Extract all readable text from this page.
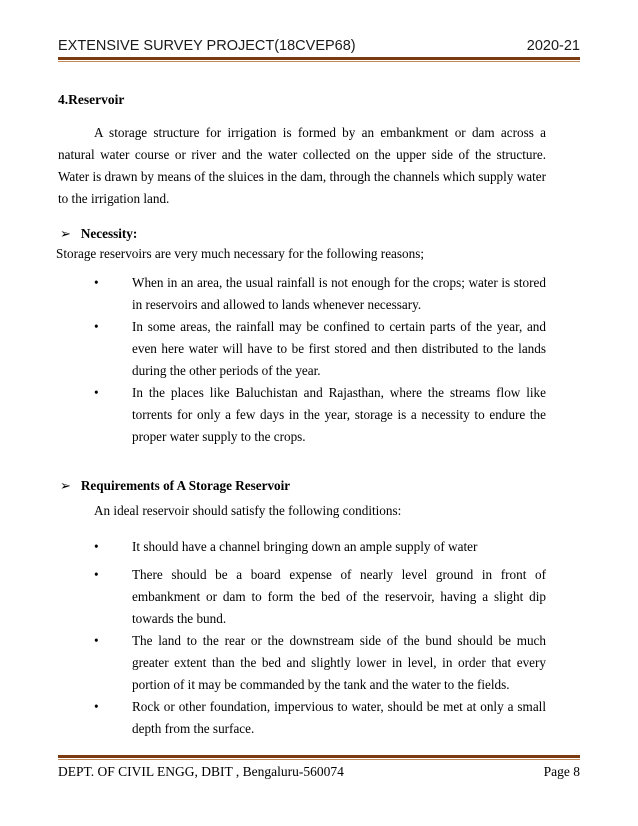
EXTENSIVE SURVEY PROJECT(18CVEP68)	2020-21

4.Reservoir

A storage structure for irrigation is formed by an embankment or dam across a natural water course or river and the water collected on the upper side of the structure. Water is drawn by means of the sluices in the dam, through the channels which supply water to the irrigation land.

➢ Necessity:

Storage reservoirs are very much necessary for the following reasons;

•	When in an area, the usual rainfall is not enough for the crops; water is stored in reservoirs and allowed to lands whenever necessary.
•	In some areas, the rainfall may be confined to certain parts of the year, and even here water will have to be first stored and then distributed to the lands during the other periods of the year.
•	In the places like Baluchistan and Rajasthan, where the streams flow like torrents for only a few days in the year, storage is a necessity to endure the proper water supply to the crops.
➢ Requirements of A Storage Reservoir

An ideal reservoir should satisfy the following conditions:

•	It should have a channel bringing down an ample supply of water
•	There should be a board expense of nearly level ground in front of embankment or dam to form the bed of the reservoir, having a slight dip towards the bund.
•	The land to the rear or the downstream side of the bund should be much greater extent than the bed and slightly lower in level, in order that every portion of it may be commanded by the tank and the water to the fields.
•	Rock or other foundation, impervious to water, should be met at only a small depth from the surface.
DEPT. OF CIVIL ENGG, DBIT , Bengaluru-560074	Page 8
